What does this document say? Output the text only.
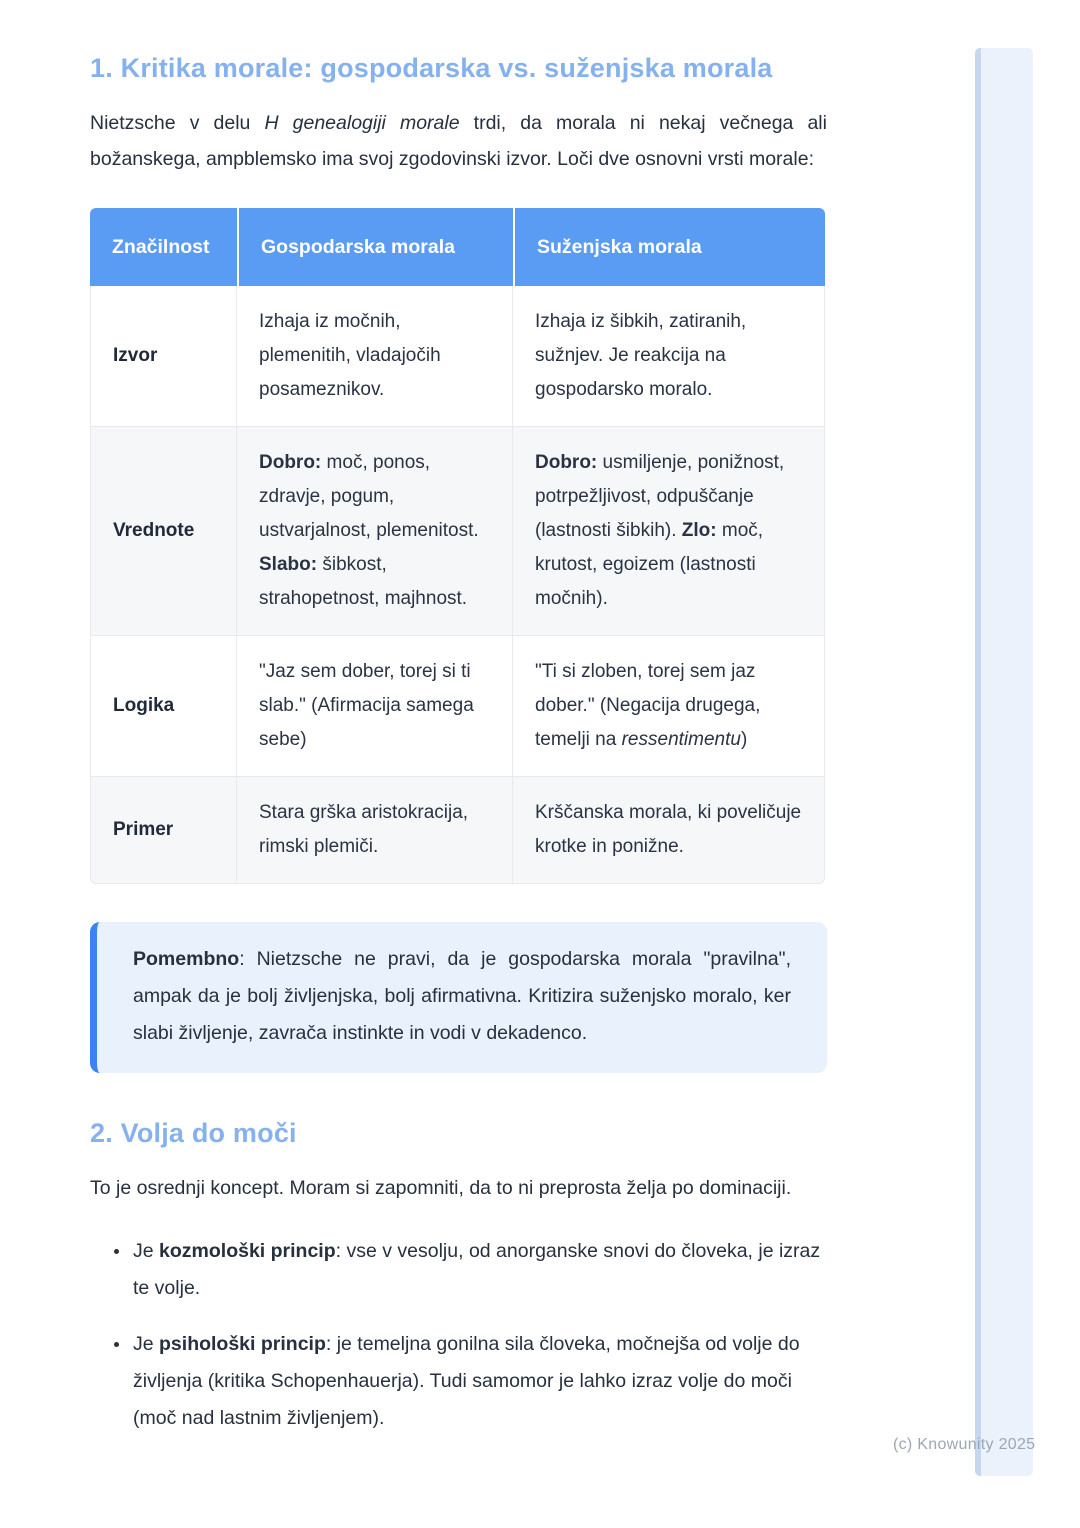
1. Kritika morale: gospodarska vs. suženjska morala

Nietzsche v delu H genealogiji morale trdi, da morala ni nekaj večnega ali božanskega, ampblemsko ima svoj zgodovinski izvor. Loči dve osnovni vrsti morale:

Značilnost	Gospodarska morala	Suženjska morala
Izvor	Izhaja iz močnih, plemenitih, vladajočih posameznikov.	Izhaja iz šibkih, zatiranih, sužnjev. Je reakcija na gospodarsko moralo.
Vrednote	Dobro: moč, ponos, zdravje, pogum, ustvarjalnost, plemenitost. Slabo: šibkost, strahopetnost, majhnost.	Dobro: usmiljenje, ponižnost, potrpežljivost, odpuščanje (lastnosti šibkih). Zlo: moč, krutost, egoizem (lastnosti močnih).
Logika	"Jaz sem dober, torej si ti slab." (Afirmacija samega sebe)	"Ti si zloben, torej sem jaz dober." (Negacija drugega, temelji na ressentimentu)
Primer	Stara grška aristokracija, rimski plemiči.	Krščanska morala, ki poveličuje krotke in ponižne.

Pomembno: Nietzsche ne pravi, da je gospodarska morala "pravilna", ampak da je bolj življenjska, bolj afirmativna. Kritizira suženjsko moralo, ker slabi življenje, zavrača instinkte in vodi v dekadenco.

2. Volja do moči

To je osrednji koncept. Moram si zapomniti, da to ni preprosta želja po dominaciji.

• Je kozmološki princip: vse v vesolju, od anorganske snovi do človeka, je izraz te volje.
• Je psihološki princip: je temeljna gonilna sila človeka, močnejša od volje do življenja (kritika Schopenhauerja). Tudi samomor je lahko izraz volje do moči (moč nad lastnim življenjem).
(c) Knowunity 2025
